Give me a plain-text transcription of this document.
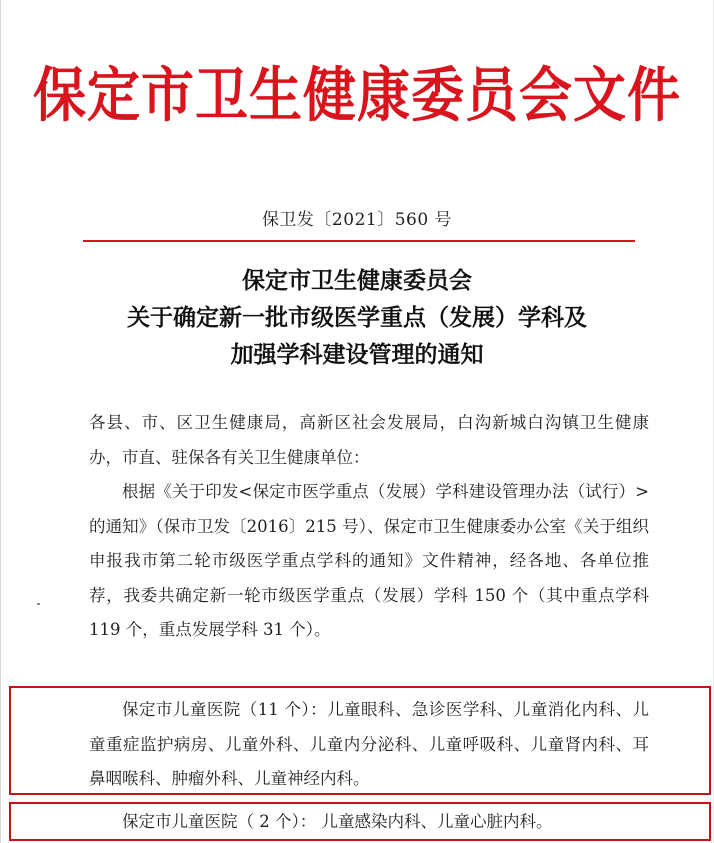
保定市卫生健康委员会文件
保卫发〔2021〕560 号
保定市卫生健康委员会
关于确定新一批市级医学重点（发展）学科及
加强学科建设管理的通知
各县、市、区卫生健康局，高新区社会发展局，白沟新城白沟镇卫生健康办，市直、驻保各有关卫生健康单位：
根据《关于印发<保定市医学重点（发展）学科建设管理办法（试行）>的通知》（保市卫发〔2016〕215 号）、保定市卫生健康委办公室《关于组织申报我市第二轮市级医学重点学科的通知》文件精神，经各地、各单位推荐，我委共确定新一轮市级医学重点（发展）学科 150 个（其中重点学科 119 个，重点发展学科 31 个）。
保定市儿童医院（11 个）：儿童眼科、急诊医学科、儿童消化内科、儿童重症监护病房、儿童外科、儿童内分泌科、儿童呼吸科、儿童肾内科、耳鼻咽喉科、肿瘤外科、儿童神经内科。
保定市儿童医院（ 2 个）： 儿童感染内科、儿童心脏内科。
